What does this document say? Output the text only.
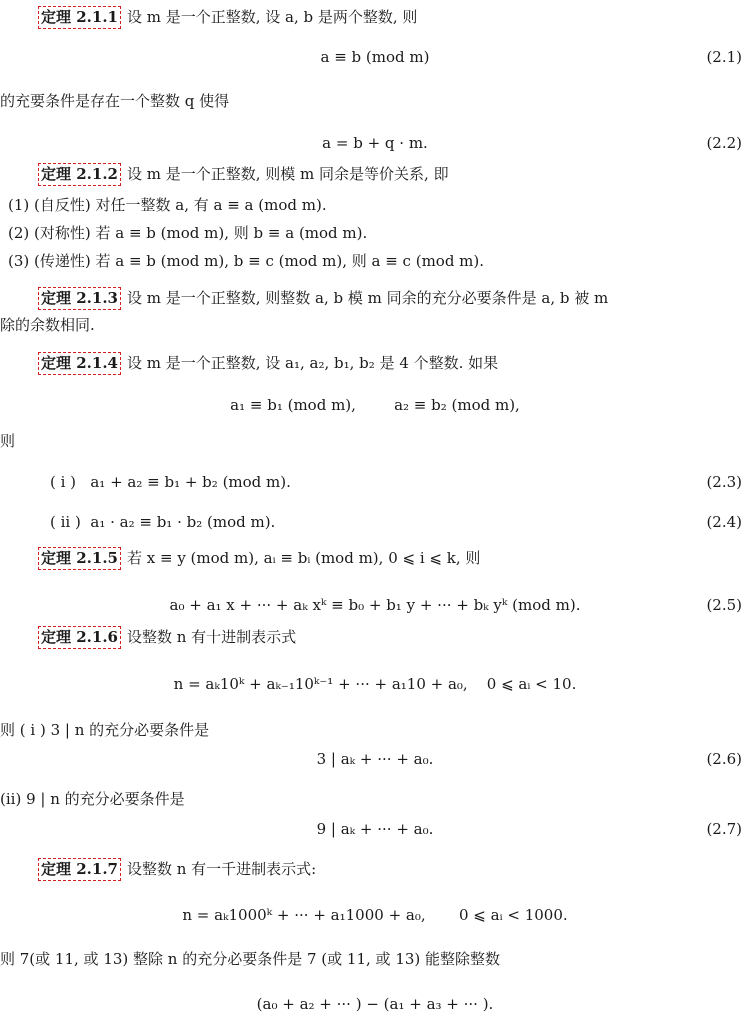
定理 2.1.1 设 m 是一个正整数, 设 a, b 是两个整数, 则
a ≡ b (mod m)	(2.1)
的充要条件是存在一个整数 q 使得
a = b + q · m.	(2.2)
定理 2.1.2 设 m 是一个正整数, 则模 m 同余是等价关系, 即
(1) (自反性) 对任一整数 a, 有 a ≡ a (mod m).
(2) (对称性) 若 a ≡ b (mod m), 则 b ≡ a (mod m).
(3) (传递性) 若 a ≡ b (mod m), b ≡ c (mod m), 则 a ≡ c (mod m).
定理 2.1.3 设 m 是一个正整数, 则整数 a, b 模 m 同余的充分必要条件是 a, b 被 m
除的余数相同.
定理 2.1.4 设 m 是一个正整数, 设 a₁, a₂, b₁, b₂ 是 4 个整数. 如果
a₁ ≡ b₁ (mod m),        a₂ ≡ b₂ (mod m),
则
( i )   a₁ + a₂ ≡ b₁ + b₂ (mod m).	(2.3)
( ii )  a₁ · a₂ ≡ b₁ · b₂ (mod m).	(2.4)
定理 2.1.5 若 x ≡ y (mod m), aᵢ ≡ bᵢ (mod m), 0 ⩽ i ⩽ k, 则
a₀ + a₁ x + ··· + aₖ xᵏ ≡ b₀ + b₁ y + ··· + bₖ yᵏ (mod m).	(2.5)
定理 2.1.6 设整数 n 有十进制表示式
n = aₖ10ᵏ + aₖ₋₁10ᵏ⁻¹ + ··· + a₁10 + a₀,    0 ⩽ aᵢ < 10.
则 ( i ) 3 | n 的充分必要条件是
3 | aₖ + ··· + a₀.	(2.6)
(ii) 9 | n 的充分必要条件是
9 | aₖ + ··· + a₀.	(2.7)
定理 2.1.7 设整数 n 有一千进制表示式:
n = aₖ1000ᵏ + ··· + a₁1000 + a₀,       0 ⩽ aᵢ < 1000.
则 7(或 11, 或 13) 整除 n 的充分必要条件是 7 (或 11, 或 13) 能整除整数
(a₀ + a₂ + ··· ) − (a₁ + a₃ + ··· ).
